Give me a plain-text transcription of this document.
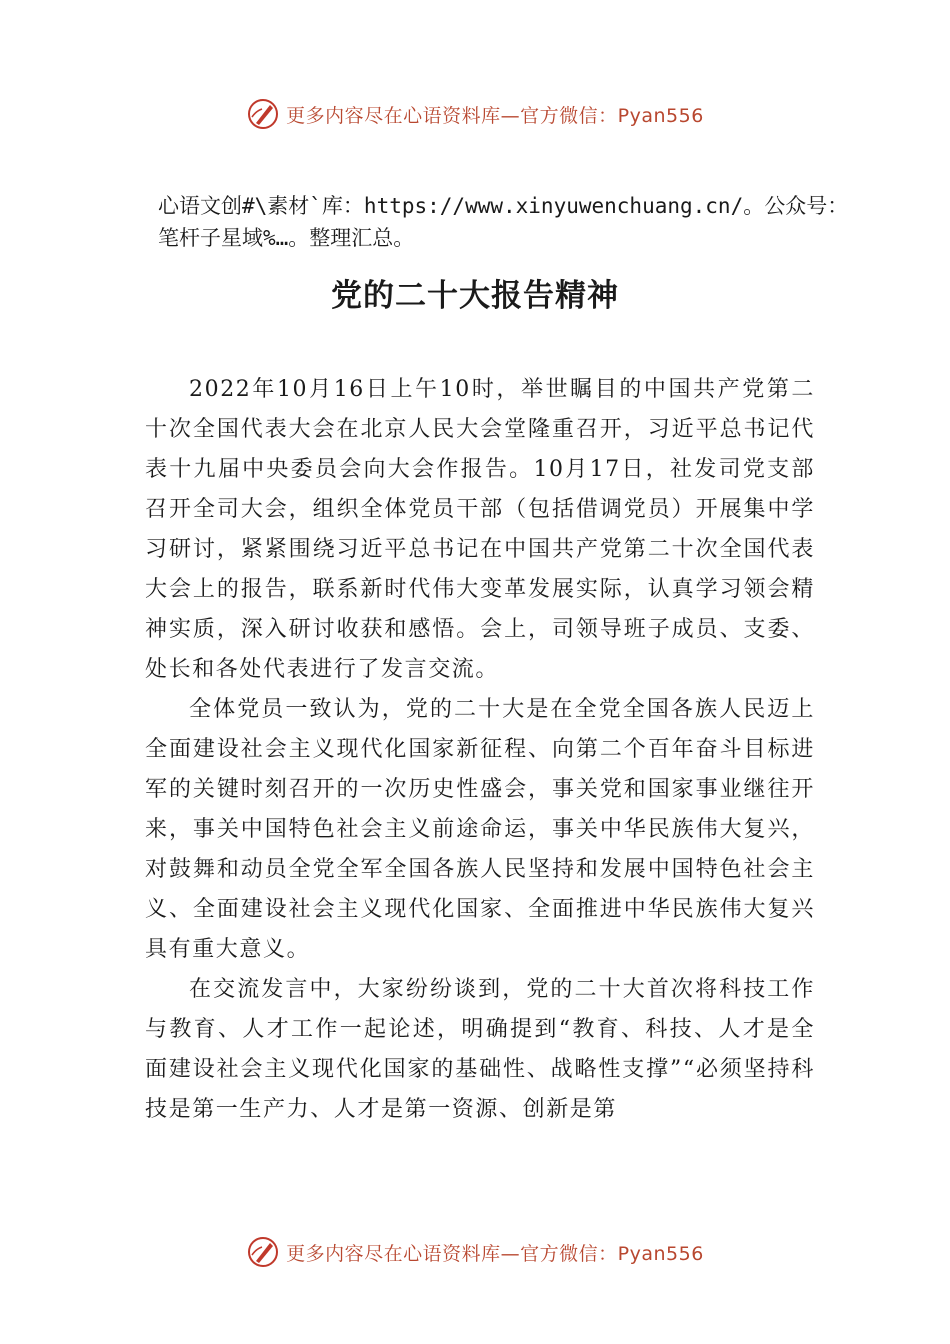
更多内容尽在心语资料库—官方微信：Pyan556

心语文创#\素材`库：https://www.xinyuwenchuang.cn/。公众号：笔杆子星域%…。整理汇总。

党的二十大报告精神

2022年10月16日上午10时，举世瞩目的中国共产党第二十次全国代表大会在北京人民大会堂隆重召开，习近平总书记代表十九届中央委员会向大会作报告。10月17日，社发司党支部召开全司大会，组织全体党员干部（包括借调党员）开展集中学习研讨，紧紧围绕习近平总书记在中国共产党第二十次全国代表大会上的报告，联系新时代伟大变革发展实际，认真学习领会精神实质，深入研讨收获和感悟。会上，司领导班子成员、支委、处长和各处代表进行了发言交流。

全体党员一致认为，党的二十大是在全党全国各族人民迈上全面建设社会主义现代化国家新征程、向第二个百年奋斗目标进军的关键时刻召开的一次历史性盛会，事关党和国家事业继往开来，事关中国特色社会主义前途命运，事关中华民族伟大复兴，对鼓舞和动员全党全军全国各族人民坚持和发展中国特色社会主义、全面建设社会主义现代化国家、全面推进中华民族伟大复兴具有重大意义。

在交流发言中，大家纷纷谈到，党的二十大首次将科技工作与教育、人才工作一起论述，明确提到“教育、科技、人才是全面建设社会主义现代化国家的基础性、战略性支撑”“必须坚持科技是第一生产力、人才是第一资源、创新是第

更多内容尽在心语资料库—官方微信：Pyan556
